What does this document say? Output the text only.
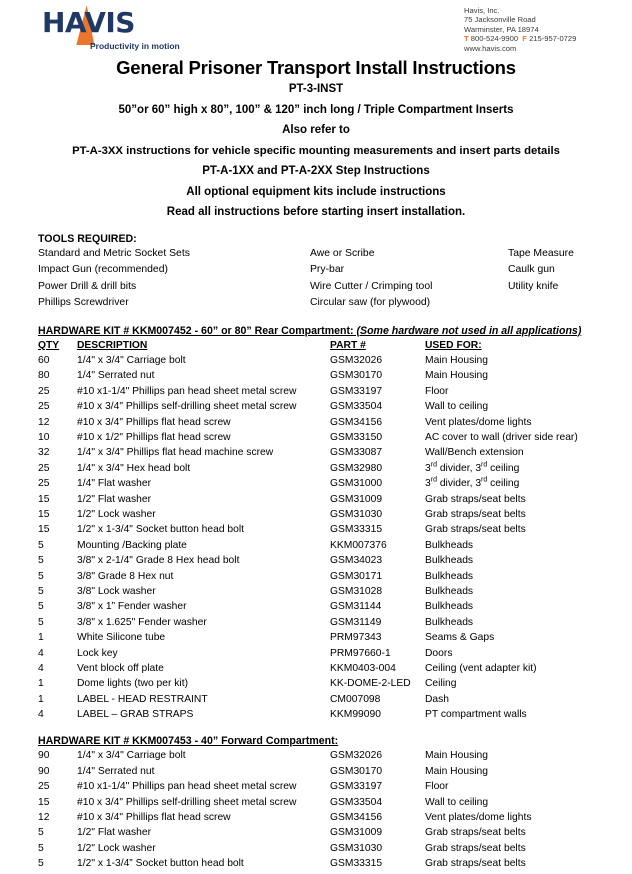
HAVIS
Productivity in motion
Havis, Inc.
75 Jacksonville Road
Warminster, PA 18974
T 800-524-9900 F 215-957-0729
www.havis.com
General Prisoner Transport Install Instructions
PT-3-INST
50”or 60” high x 80”, 100” & 120” inch long / Triple Compartment Inserts
Also refer to
PT-A-3XX instructions for vehicle specific mounting measurements and insert parts details
PT-A-1XX and PT-A-2XX Step Instructions
All optional equipment kits include instructions
Read all instructions before starting insert installation.
TOOLS REQUIRED:
Standard and Metric Socket Sets	Awe or Scribe	Tape Measure
Impact Gun (recommended)	Pry-bar	Caulk gun
Power Drill & drill bits	Wire Cutter / Crimping tool	Utility knife
Phillips Screwdriver	Circular saw (for plywood)
HARDWARE KIT # KKM007452 - 60” or 80” Rear Compartment: (Some hardware not used in all applications)
QTY DESCRIPTION	PART #	USED FOR:
60	1/4" x 3/4" Carriage bolt	GSM32026	Main Housing
80	1/4" Serrated nut	GSM30170	Main Housing
25	#10 x1-1/4" Phillips pan head sheet metal screw	GSM33197	Floor
25	#10 x 3/4" Phillips self-drilling sheet metal screw	GSM33504	Wall to ceiling
12	#10 x 3/4" Phillips flat head screw	GSM34156	Vent plates/dome lights
10	#10 x 1/2" Phillips flat head screw	GSM33150	AC cover to wall (driver side rear)
32	1/4" x 3/4" Phillips flat head machine screw	GSM33087	Wall/Bench extension
25	1/4" x 3/4" Hex head bolt	GSM32980	3rd divider, 3rd ceiling
25	1/4" Flat washer	GSM31000	3rd divider, 3rd ceiling
15	1/2" Flat washer	GSM31009	Grab straps/seat belts
15	1/2" Lock washer	GSM31030	Grab straps/seat belts
15	1/2" x 1-3/4" Socket button head bolt	GSM33315	Grab straps/seat belts
5	Mounting /Backing plate	KKM007376	Bulkheads
5	3/8" x 2-1/4" Grade 8 Hex head bolt	GSM34023	Bulkheads
5	3/8" Grade 8 Hex nut	GSM30171	Bulkheads
5	3/8" Lock washer	GSM31028	Bulkheads
5	3/8" x 1” Fender washer	GSM31144	Bulkheads
5	3/8" x 1.625" Fender washer	GSM31149	Bulkheads
1	White Silicone tube	PRM97343	Seams & Gaps
4	Lock key	PRM97660-1	Doors
4	Vent block off plate	KKM0403-004	Ceiling (vent adapter kit)
1	Dome lights (two per kit)	KK-DOME-2-LED Ceiling
1	LABEL - HEAD RESTRAINT	CM007098	Dash
4	LABEL – GRAB STRAPS	KKM99090	PT compartment walls
HARDWARE KIT # KKM007453 - 40” Forward Compartment:
90	1/4" x 3/4" Carriage bolt	GSM32026	Main Housing
90	1/4" Serrated nut	GSM30170	Main Housing
25	#10 x1-1/4" Phillips pan head sheet metal screw	GSM33197	Floor
15	#10 x 3/4" Phillips self-drilling sheet metal screw	GSM33504	Wall to ceiling
12	#10 x 3/4" Phillips flat head screw	GSM34156	Vent plates/dome lights
5	1/2" Flat washer	GSM31009	Grab straps/seat belts
5	1/2" Lock washer	GSM31030	Grab straps/seat belts
5	1/2" x 1-3/4” Socket button head bolt	GSM33315	Grab straps/seat belts
